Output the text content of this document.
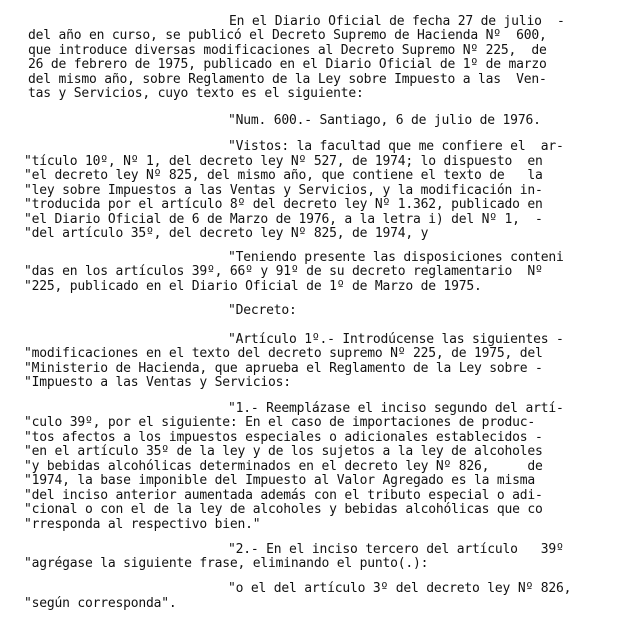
En el Diario Oficial de fecha 27 de julio  -
del año en curso, se publicó el Decreto Supremo de Hacienda Nº  600,
que introduce diversas modificaciones al Decreto Supremo Nº 225,  de
26 de febrero de 1975, publicado en el Diario Oficial de 1º de marzo
del mismo año, sobre Reglamento de la Ley sobre Impuesto a las  Ven-
tas y Servicios, cuyo texto es el siguiente:
"Num. 600.- Santiago, 6 de julio de 1976.
"Vistos: la facultad que me confiere el  ar-
"tículo 10º, Nº 1, del decreto ley Nº 527, de 1974; lo dispuesto  en
"el decreto ley Nº 825, del mismo año, que contiene el texto de   la
"ley sobre Impuestos a las Ventas y Servicios, y la modificación in-
"troducida por el artículo 8º del decreto ley Nº 1.362, publicado en
"el Diario Oficial de 6 de Marzo de 1976, a la letra i) del Nº 1,  -
"del artículo 35º, del decreto ley Nº 825, de 1974, y
"Teniendo presente las disposiciones conteni
"das en los artículos 39º, 66º y 91º de su decreto reglamentario  Nº
"225, publicado en el Diario Oficial de 1º de Marzo de 1975.
"Decreto:
"Artículo 1º.- Introdúcense las siguientes -
"modificaciones en el texto del decreto supremo Nº 225, de 1975, del
"Ministerio de Hacienda, que aprueba el Reglamento de la Ley sobre -
"Impuesto a las Ventas y Servicios:
"1.- Reemplázase el inciso segundo del artí-
"culo 39º, por el siguiente: En el caso de importaciones de produc-
"tos afectos a los impuestos especiales o adicionales establecidos -
"en el artículo 35º de la ley y de los sujetos a la ley de alcoholes
"y bebidas alcohólicas determinados en el decreto ley Nº 826,     de
"1974, la base imponible del Impuesto al Valor Agregado es la misma
"del inciso anterior aumentada además con el tributo especial o adi-
"cional o con el de la ley de alcoholes y bebidas alcohólicas que co
"rresponda al respectivo bien."
"2.- En el inciso tercero del artículo   39º
"agrégase la siguiente frase, eliminando el punto(.):
"o el del artículo 3º del decreto ley Nº 826,
"según corresponda".
